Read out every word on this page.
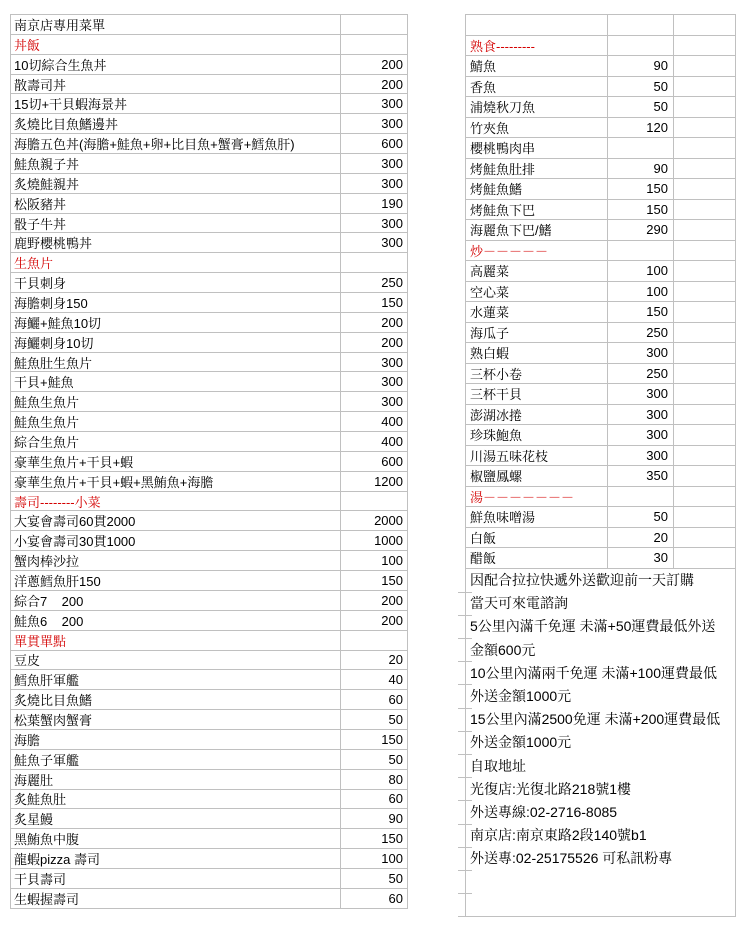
南京店專用菜單
丼飯
10切綜合生魚丼	200
散壽司丼	200
15切+干貝蝦海景丼	300
炙燒比目魚鰭邊丼	300
海膽五色丼(海膽+鮭魚+卵+比目魚+蟹膏+鱈魚肝)	600
鮭魚親子丼	300
炙燒鮭親丼	300
松阪豬丼	190
骰子牛丼	300
鹿野櫻桃鴨丼	300
生魚片
干貝刺身	250
海膽刺身150	150
海鱺+鮭魚10切	200
海鱺刺身10切	200
鮭魚肚生魚片	300
干貝+鮭魚	300
鮭魚生魚片	300
鮭魚生魚片	400
綜合生魚片	400
豪華生魚片+干貝+蝦	600
豪華生魚片+干貝+蝦+黑鮪魚+海膽	1200
壽司--------小菜
大宴會壽司60貫2000	2000
小宴會壽司30貫1000	1000
蟹肉棒沙拉	100
洋蔥鱈魚肝150	150
綜合7    200	200
鮭魚6    200	200
單貫單點
豆皮	20
鱈魚肝軍艦	40
炙燒比目魚鰭	60
松葉蟹肉蟹膏	50
海膽	150
鮭魚子軍艦	50
海麗肚	80
炙鮭魚肚	60
炙星鰻	90
黑鮪魚中腹	150
龍蝦pizza 壽司	100
干貝壽司	50
生蝦握壽司	60
熟食---------
鯖魚	90
香魚	50
浦燒秋刀魚	50
竹夾魚	120
櫻桃鴨肉串
烤鮭魚肚排	90
烤鮭魚鰭	150
烤鮭魚下巴	150
海麗魚下巴/鰭	290
炒－－－－－
高麗菜	100
空心菜	100
水蓮菜	150
海瓜子	250
熟白蝦	300
三杯小卷	250
三杯干貝	300
澎湖冰捲	300
珍珠鮑魚	300
川湯五味花枝	300
椒鹽鳳螺	350
湯－－－－－－－
鮮魚味噌湯	50
白飯	20
醋飯	30
因配合拉拉快遞外送歡迎前一天訂購
當天可來電諮詢
5公里內滿千免運 未滿+50運費最低外送
金額600元
10公里內滿兩千免運 未滿+100運費最低
外送金額1000元
15公里內滿2500免運 未滿+200運費最低
外送金額1000元
自取地址
光復店:光復北路218號1樓
外送專線:02-2716-8085
南京店:南京東路2段140號b1
外送專:02-25175526 可私訊粉專
